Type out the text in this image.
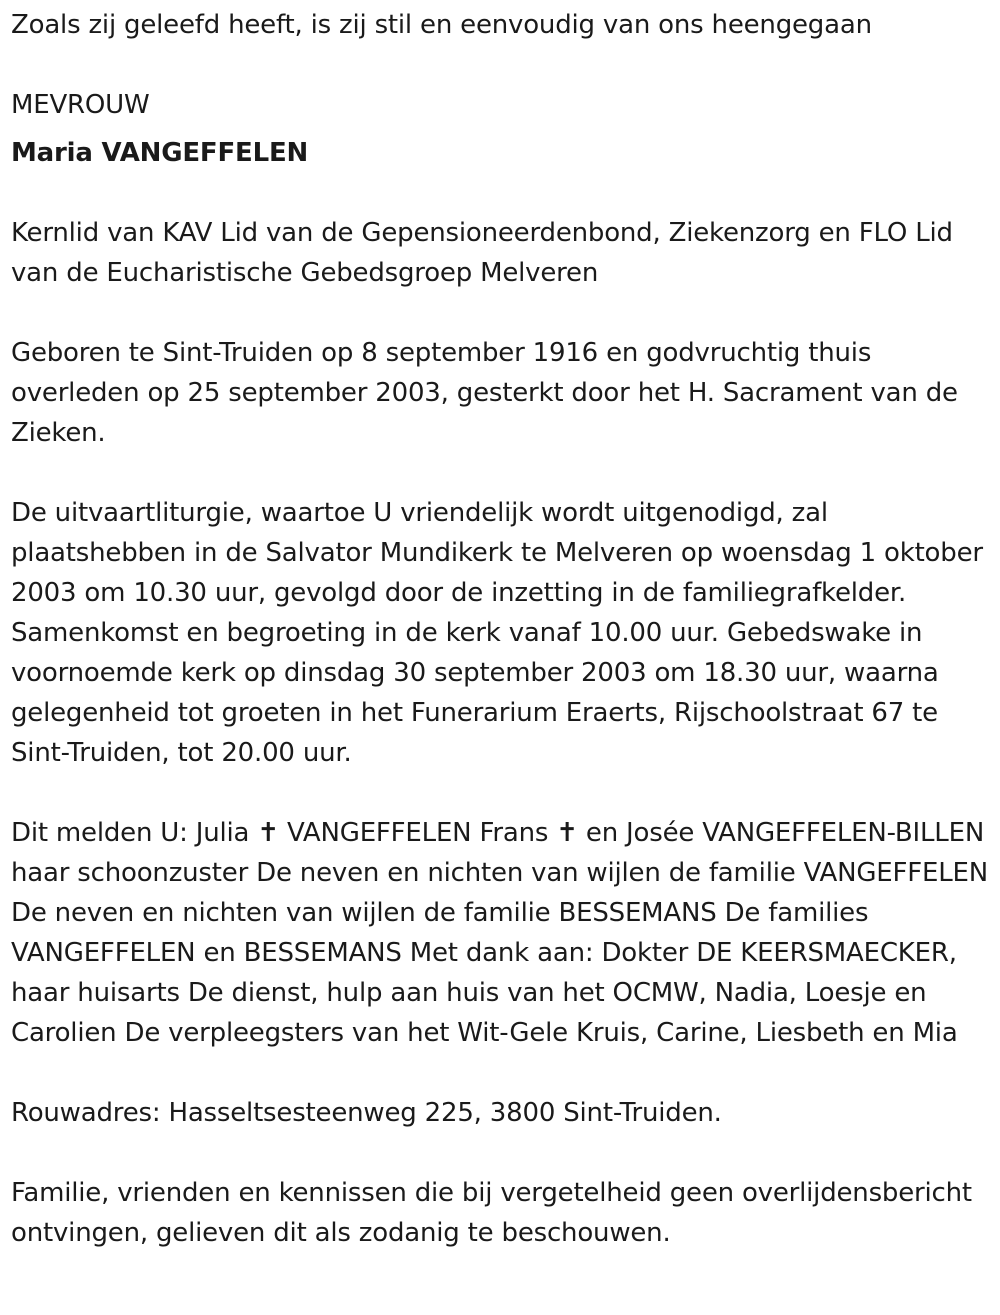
Zoals zij geleefd heeft, is zij stil en eenvoudig van ons heengegaan

MEVROUW

Maria VANGEFFELEN

Kernlid van KAV Lid van de Gepensioneerdenbond, Ziekenzorg en FLO Lid van de Eucharistische Gebedsgroep Melveren

Geboren te Sint-Truiden op 8 september 1916 en godvruchtig thuis overleden op 25 september 2003, gesterkt door het H. Sacrament van de Zieken.

De uitvaartliturgie, waartoe U vriendelijk wordt uitgenodigd, zal plaatshebben in de Salvator Mundikerk te Melveren op woensdag 1 oktober 2003 om 10.30 uur, gevolgd door de inzetting in de familiegrafkelder. Samenkomst en begroeting in de kerk vanaf 10.00 uur. Gebedswake in voornoemde kerk op dinsdag 30 september 2003 om 18.30 uur, waarna gelegenheid tot groeten in het Funerarium Eraerts, Rijschoolstraat 67 te Sint-Truiden, tot 20.00 uur.

Dit melden U: Julia ✝ VANGEFFELEN Frans ✝ en Josée VANGEFFELEN-BILLEN haar schoonzuster De neven en nichten van wijlen de familie VANGEFFELEN De neven en nichten van wijlen de familie BESSEMANS De families VANGEFFELEN en BESSEMANS Met dank aan: Dokter DE KEERSMAECKER, haar huisarts De dienst, hulp aan huis van het OCMW, Nadia, Loesje en Carolien De verpleegsters van het Wit-Gele Kruis, Carine, Liesbeth en Mia

Rouwadres: Hasseltsesteenweg 225, 3800 Sint-Truiden.

Familie, vrienden en kennissen die bij vergetelheid geen overlijdensbericht ontvingen, gelieven dit als zodanig te beschouwen.
